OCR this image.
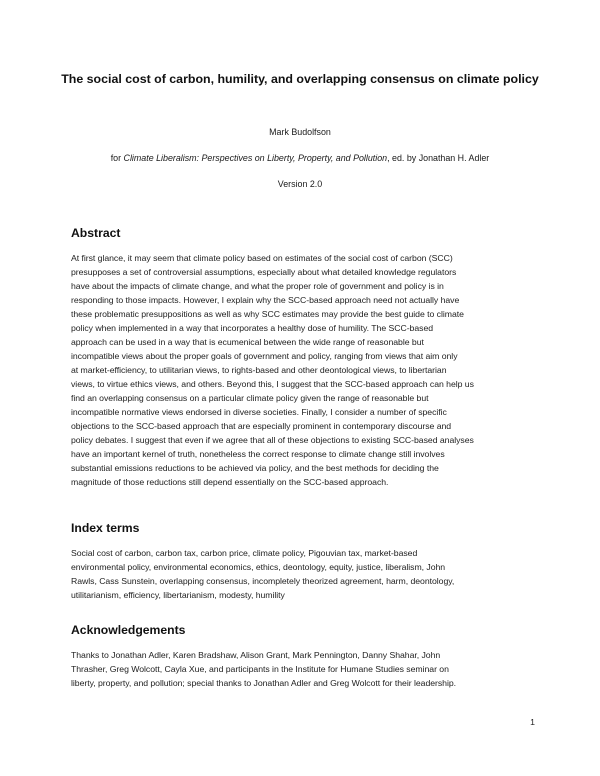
The social cost of carbon, humility, and overlapping consensus on climate policy
Mark Budolfson
for Climate Liberalism: Perspectives on Liberty, Property, and Pollution, ed. by Jonathan H. Adler
Version 2.0
Abstract
At first glance, it may seem that climate policy based on estimates of the social cost of carbon (SCC)
presupposes a set of controversial assumptions, especially about what detailed knowledge regulators
have about the impacts of climate change, and what the proper role of government and policy is in
responding to those impacts. However, I explain why the SCC-based approach need not actually have
these problematic presuppositions as well as why SCC estimates may provide the best guide to climate
policy when implemented in a way that incorporates a healthy dose of humility. The SCC-based
approach can be used in a way that is ecumenical between the wide range of reasonable but
incompatible views about the proper goals of government and policy, ranging from views that aim only
at market-efficiency, to utilitarian views, to rights-based and other deontological views, to libertarian
views, to virtue ethics views, and others. Beyond this, I suggest that the SCC-based approach can help us
find an overlapping consensus on a particular climate policy given the range of reasonable but
incompatible normative views endorsed in diverse societies. Finally, I consider a number of specific
objections to the SCC-based approach that are especially prominent in contemporary discourse and
policy debates. I suggest that even if we agree that all of these objections to existing SCC-based analyses
have an important kernel of truth, nonetheless the correct response to climate change still involves
substantial emissions reductions to be achieved via policy, and the best methods for deciding the
magnitude of those reductions still depend essentially on the SCC-based approach.
Index terms
Social cost of carbon, carbon tax, carbon price, climate policy, Pigouvian tax, market-based
environmental policy, environmental economics, ethics, deontology, equity, justice, liberalism, John
Rawls, Cass Sunstein, overlapping consensus, incompletely theorized agreement, harm, deontology,
utilitarianism, efficiency, libertarianism, modesty, humility
Acknowledgements
Thanks to Jonathan Adler, Karen Bradshaw, Alison Grant, Mark Pennington, Danny Shahar, John
Thrasher, Greg Wolcott, Cayla Xue, and participants in the Institute for Humane Studies seminar on
liberty, property, and pollution; special thanks to Jonathan Adler and Greg Wolcott for their leadership.
1
